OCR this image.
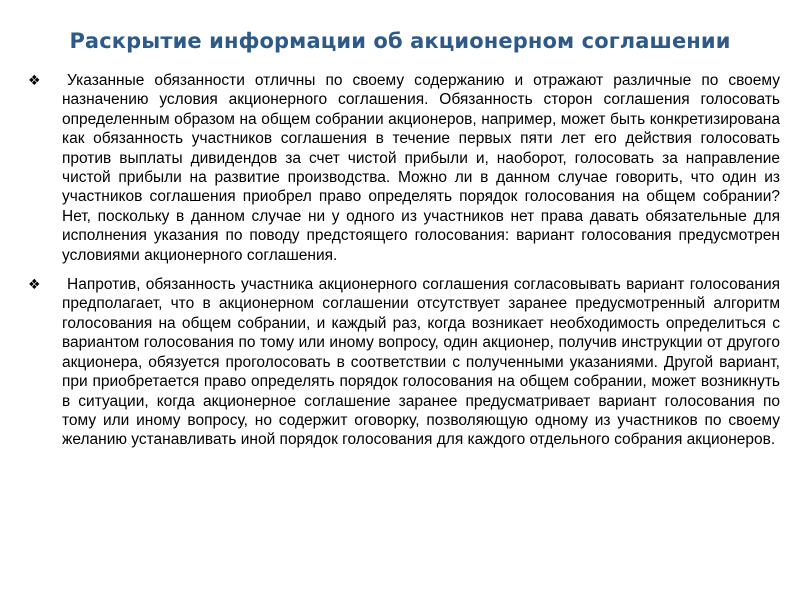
Раскрытие информации об акционерном соглашении
❖	Указанные обязанности отличны по своему содержанию и отражают различные по своему назначению условия акционерного соглашения. Обязанность сторон соглашения голосовать определенным образом на общем собрании акционеров, например, может быть конкретизирована как обязанность участников соглашения в течение первых пяти лет его действия голосовать против выплаты дивидендов за счет чистой прибыли и, наоборот, голосовать за направление чистой прибыли на развитие производства. Можно ли в данном случае говорить, что один из участников соглашения приобрел право определять порядок голосования на общем собрании? Нет, поскольку в данном случае ни у одного из участников нет права давать обязательные для исполнения указания по поводу предстоящего голосования: вариант голосования предусмотрен условиями акционерного соглашения.
❖	Напротив, обязанность участника акционерного соглашения согласовывать вариант голосования предполагает, что в акционерном соглашении отсутствует заранее предусмотренный алгоритм голосования на общем собрании, и каждый раз, когда возникает необходимость определиться с вариантом голосования по тому или иному вопросу, один акционер, получив инструкции от другого акционера, обязуется проголосовать в соответствии с полученными указаниями. Другой вариант, при приобретается право определять порядок голосования на общем собрании, может возникнуть в ситуации, когда акционерное соглашение заранее предусматривает вариант голосования по тому или иному вопросу, но содержит оговорку, позволяющую одному из участников по своему желанию устанавливать иной порядок голосования для каждого отдельного собрания акционеров.
